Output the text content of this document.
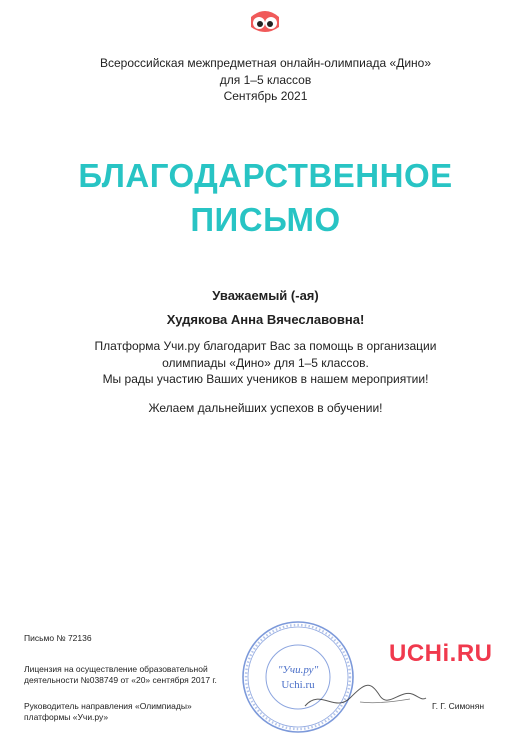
Всероссийская межпредметная онлайн-олимпиада «Дино»
для 1–5 классов
Сентябрь 2021
БЛАГОДАРСТВЕННОЕ
ПИСЬМО
Уважаемый (-ая)
Худякова Анна Вячеславовна!
Платформа Учи.ру благодарит Вас за помощь в организации
олимпиады «Дино» для 1–5 классов.
Мы рады участию Ваших учеников в нашем мероприятии!
Желаем дальнейших успехов в обучении!
Письмо № 72136
Лицензия на осуществление образовательной
деятельности №038749 от «20» сентября 2017 г.
Руководитель направления «Олимпиады»
платформы «Учи.ру»
"Учи.ру"
Uchi.ru
UCHi.RU
Г. Г. Симонян
